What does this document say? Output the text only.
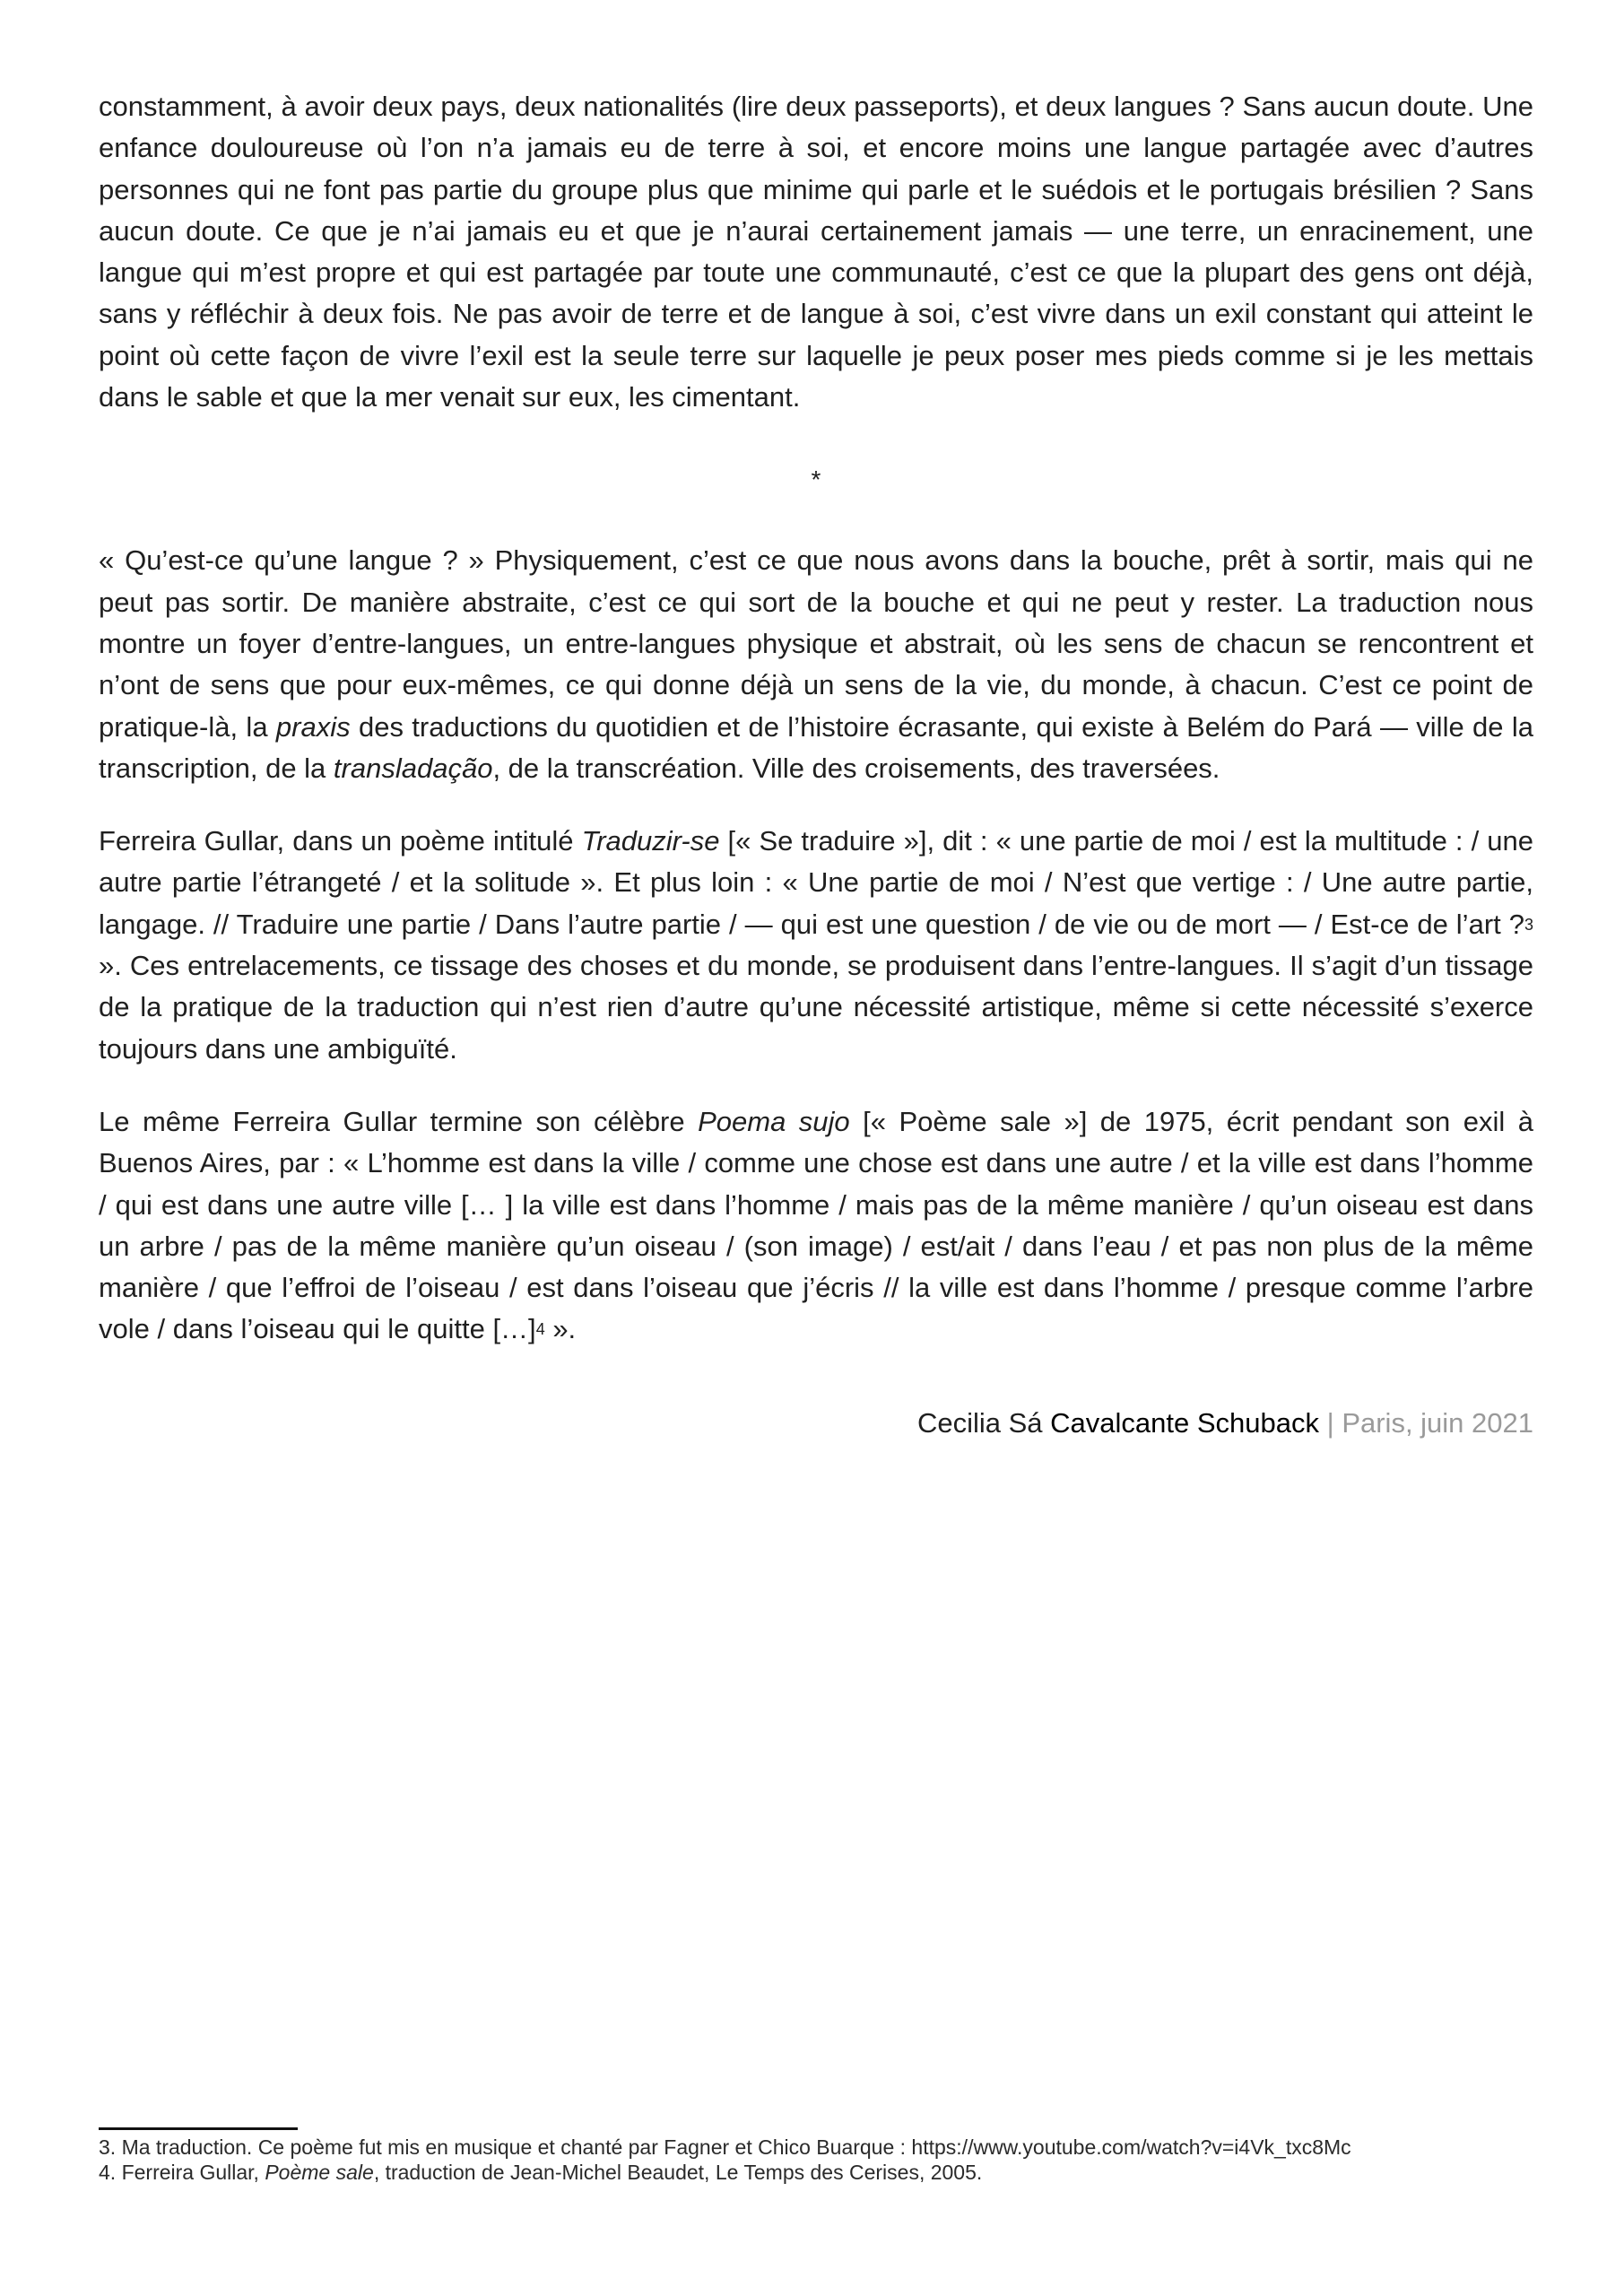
constamment, à avoir deux pays, deux nationalités (lire deux passeports), et deux langues ? Sans aucun doute. Une enfance douloureuse où l’on n’a jamais eu de terre à soi, et encore moins une langue partagée avec d’autres personnes qui ne font pas partie du groupe plus que minime qui parle et le suédois et le portugais brésilien ? Sans aucun doute. Ce que je n’ai jamais eu et que je n’aurai certainement jamais — une terre, un enracinement, une langue qui m’est propre et qui est partagée par toute une communauté, c’est ce que la plupart des gens ont déjà, sans y réfléchir à deux fois. Ne pas avoir de terre et de langue à soi, c’est vivre dans un exil constant qui atteint le point où cette façon de vivre l’exil est la seule terre sur laquelle je peux poser mes pieds comme si je les mettais dans le sable et que la mer venait sur eux, les cimentant.

*

« Qu’est-ce qu’une langue ? » Physiquement, c’est ce que nous avons dans la bouche, prêt à sortir, mais qui ne peut pas sortir. De manière abstraite, c’est ce qui sort de la bouche et qui ne peut y rester. La traduction nous montre un foyer d’entre-langues, un entre-langues physique et abstrait, où les sens de chacun se rencontrent et n’ont de sens que pour eux-mêmes, ce qui donne déjà un sens de la vie, du monde, à chacun. C’est ce point de pratique-là, la praxis des traductions du quotidien et de l’histoire écrasante, qui existe à Belém do Pará — ville de la transcription, de la transladação, de la transcréation. Ville des croisements, des traversées.

Ferreira Gullar, dans un poème intitulé Traduzir-se [« Se traduire »], dit : « une partie de moi / est la multitude : / une autre partie l’étrangeté / et la solitude ». Et plus loin : « Une partie de moi / N’est que vertige : / Une autre partie, langage. // Traduire une partie / Dans l’autre partie / — qui est une question / de vie ou de mort — / Est-ce de l’art ?$^3$ ». Ces entrelacements, ce tissage des choses et du monde, se produisent dans l’entre-langues. Il s’agit d’un tissage de la pratique de la traduction qui n’est rien d’autre qu’une nécessité artistique, même si cette nécessité s’exerce toujours dans une ambiguïté.

Le même Ferreira Gullar termine son célèbre Poema sujo [« Poème sale »] de 1975, écrit pendant son exil à Buenos Aires, par : « L’homme est dans la ville / comme une chose est dans une autre / et la ville est dans l’homme / qui est dans une autre ville [… ] la ville est dans l’homme / mais pas de la même manière / qu’un oiseau est dans un arbre / pas de la même manière qu’un oiseau / (son image) / est/ait / dans l’eau / et pas non plus de la même manière / que l’effroi de l’oiseau / est dans l’oiseau que j’écris // la ville est dans l’homme / presque comme l’arbre vole / dans l’oiseau qui le quitte […]$^4$ ».

Cecilia Sá Cavalcante Schuback | Paris, juin 2021

3. Ma traduction. Ce poème fut mis en musique et chanté par Fagner et Chico Buarque : https://www.youtube.com/watch?v=i4Vk_txc8Mc

4. Ferreira Gullar, Poème sale, traduction de Jean-Michel Beaudet, Le Temps des Cerises, 2005.
